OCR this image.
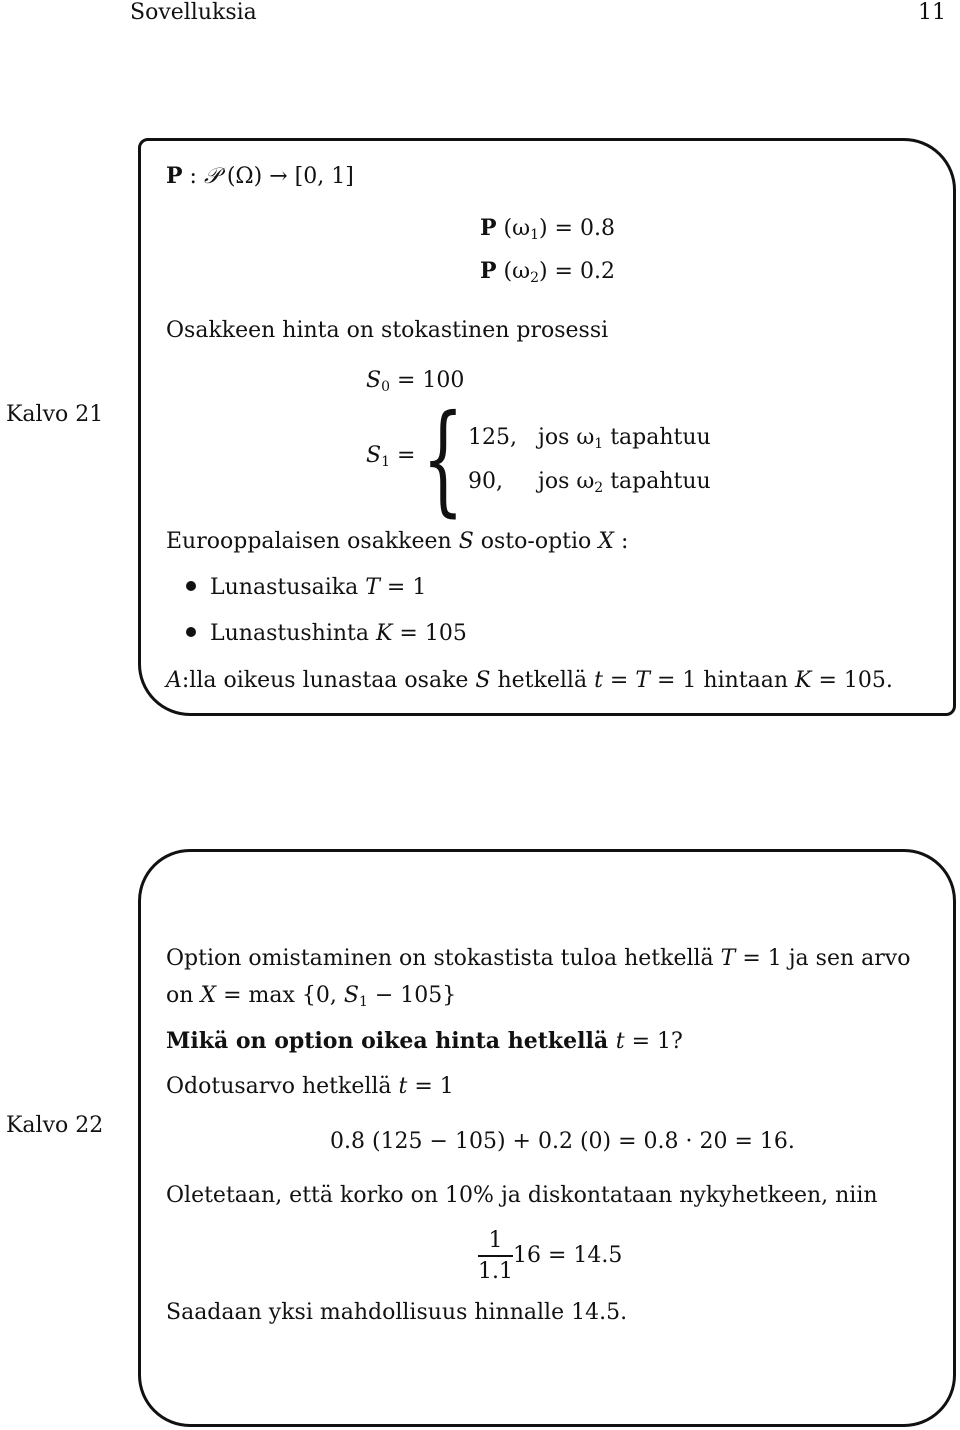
Sovelluksia	11
Kalvo 21
P : 𝒫 (Ω) → [0, 1]
P $(\omega_1) = 0.8$
P $(\omega_2) = 0.2$
Osakkeen hinta on stokastinen prosessi
$S_0 = 100$
$S_1$ = { 125, jos $\omega_1$ tapahtuu
90, jos $\omega_2$ tapahtuu
Eurooppalaisen osakkeen S osto-optio X :
Lunastusaika T = 1
Lunastushinta K = 105
A:lla oikeus lunastaa osake S hetkellä t = T = 1 hintaan K = 105.
Kalvo 22
Option omistaminen on stokastista tuloa hetkellä T = 1 ja sen arvo
on X = max {0, $S_1 - 105$}
Mikä on option oikea hinta hetkellä t = 1?
Odotusarvo hetkellä t = 1
0.8 (125 − 105) + 0.2 (0) = 0.8 · 20 = 16.
Oletetaan, että korko on 10% ja diskontataan nykyhetkeen, niin
$\frac{1}{1.1} 16 = 14.5$
Saadaan yksi mahdollisuus hinnalle 14.5.
